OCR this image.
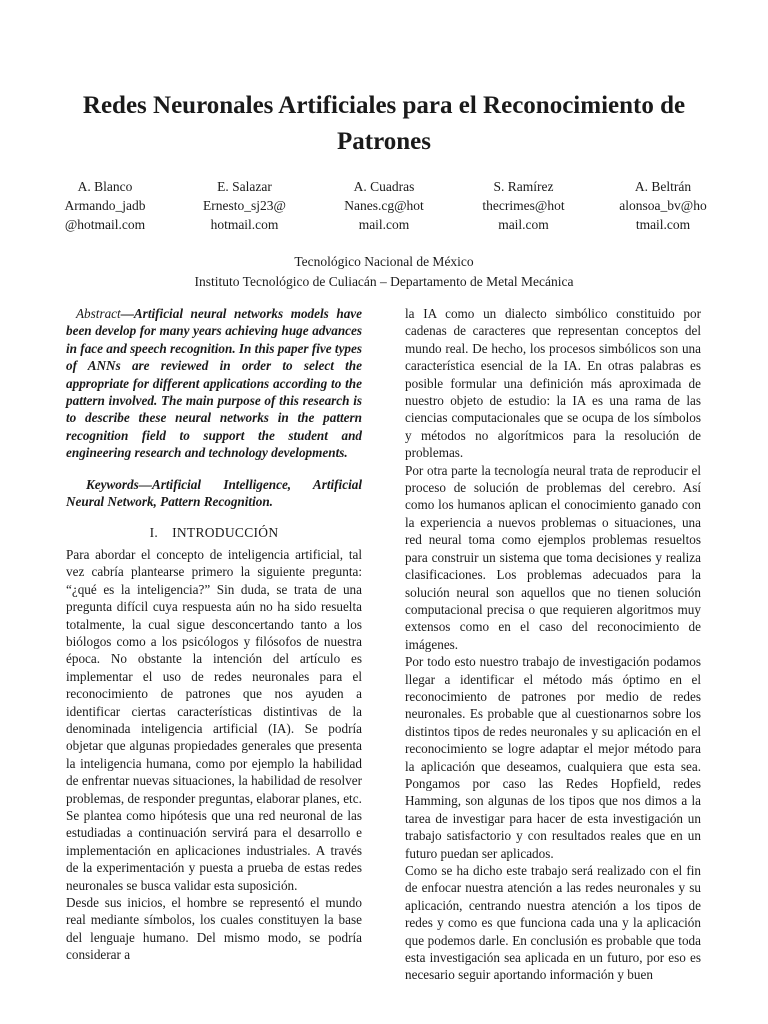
Redes Neuronales Artificiales para el Reconocimiento de Patrones
A. Blanco
Armando_jadb
@hotmail.com
E. Salazar
Ernesto_sj23@
hotmail.com
A. Cuadras
Nanes.cg@hot
mail.com
S. Ramírez
thecrimes@hot
mail.com
A. Beltrán
alonsoa_bv@ho
tmail.com
Tecnológico Nacional de México
Instituto Tecnológico de Culiacán – Departamento de Metal Mecánica

Abstract—Artificial neural networks models have been develop for many years achieving huge advances in face and speech recognition. In this paper five types of ANNs are reviewed in order to select the appropriate for different applications according to the pattern involved. The main purpose of this research is to describe these neural networks in the pattern recognition field to support the student and engineering research and technology developments.

Keywords—Artificial Intelligence, Artificial Neural Network, Pattern Recognition.

I. INTRODUCCIÓN

Para abordar el concepto de inteligencia artificial, tal vez cabría plantearse primero la siguiente pregunta: “¿qué es la inteligencia?” Sin duda, se trata de una pregunta difícil cuya respuesta aún no ha sido resuelta totalmente, la cual sigue desconcertando tanto a los biólogos como a los psicólogos y filósofos de nuestra época. No obstante la intención del artículo es implementar el uso de redes neuronales para el reconocimiento de patrones que nos ayuden a identificar ciertas características distintivas de la denominada inteligencia artificial (IA). Se podría objetar que algunas propiedades generales que presenta la inteligencia humana, como por ejemplo la habilidad de enfrentar nuevas situaciones, la habilidad de resolver problemas, de responder preguntas, elaborar planes, etc.

Se plantea como hipótesis que una red neuronal de las estudiadas a continuación servirá para el desarrollo e implementación en aplicaciones industriales. A través de la experimentación y puesta a prueba de estas redes neuronales se busca validar esta suposición.

Desde sus inicios, el hombre se representó el mundo real mediante símbolos, los cuales constituyen la base del lenguaje humano. Del mismo modo, se podría considerar a

la IA como un dialecto simbólico constituido por cadenas de caracteres que representan conceptos del mundo real. De hecho, los procesos simbólicos son una característica esencial de la IA. En otras palabras es posible formular una definición más aproximada de nuestro objeto de estudio: la IA es una rama de las ciencias computacionales que se ocupa de los símbolos y métodos no algorítmicos para la resolución de problemas.

Por otra parte la tecnología neural trata de reproducir el proceso de solución de problemas del cerebro. Así como los humanos aplican el conocimiento ganado con la experiencia a nuevos problemas o situaciones, una red neural toma como ejemplos problemas resueltos para construir un sistema que toma decisiones y realiza clasificaciones. Los problemas adecuados para la solución neural son aquellos que no tienen solución computacional precisa o que requieren algoritmos muy extensos como en el caso del reconocimiento de imágenes.

Por todo esto nuestro trabajo de investigación podamos llegar a identificar el método más óptimo en el reconocimiento de patrones por medio de redes neuronales. Es probable que al cuestionarnos sobre los distintos tipos de redes neuronales y su aplicación en el reconocimiento se logre adaptar el mejor método para la aplicación que deseamos, cualquiera que esta sea. Pongamos por caso las Redes Hopfield, redes Hamming, son algunas de los tipos que nos dimos a la tarea de investigar para hacer de esta investigación un trabajo satisfactorio y con resultados reales que en un futuro puedan ser aplicados.

Como se ha dicho este trabajo será realizado con el fin de enfocar nuestra atención a las redes neuronales y su aplicación, centrando nuestra atención a los tipos de redes y como es que funciona cada una y la aplicación que podemos darle. En conclusión es probable que toda esta investigación sea aplicada en un futuro, por eso es necesario seguir aportando información y buen
